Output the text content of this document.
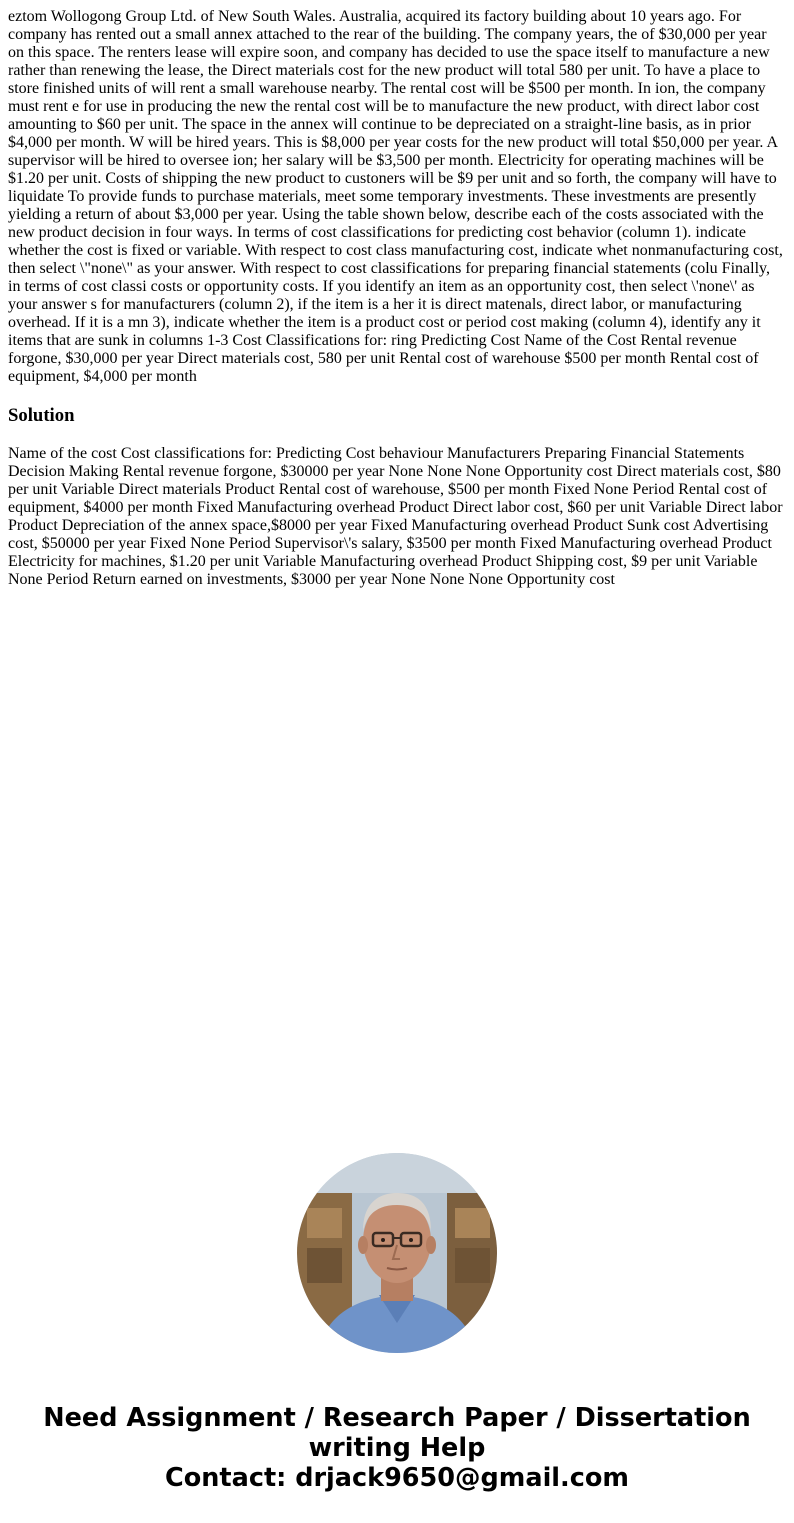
eztom Wollogong Group Ltd. of New South Wales. Australia, acquired its factory building about 10 years ago. For company has rented out a small annex attached to the rear of the building. The company years, the of $30,000 per year on this space. The renters lease will expire soon, and company has decided to use the space itself to manufacture a new rather than renewing the lease, the Direct materials cost for the new product will total 580 per unit. To have a place to store finished units of will rent a small warehouse nearby. The rental cost will be $500 per month. In ion, the company must rent e for use in producing the new the rental cost will be to manufacture the new product, with direct labor cost amounting to $60 per unit. The space in the annex will continue to be depreciated on a straight-line basis, as in prior $4,000 per month. W will be hired years. This is $8,000 per year costs for the new product will total $50,000 per year. A supervisor will be hired to oversee ion; her salary will be $3,500 per month. Electricity for operating machines will be $1.20 per unit. Costs of shipping the new product to custoners will be $9 per unit and so forth, the company will have to liquidate To provide funds to purchase materials, meet some temporary investments. These investments are presently yielding a return of about $3,000 per year. Using the table shown below, describe each of the costs associated with the new product decision in four ways. In terms of cost classifications for predicting cost behavior (column 1). indicate whether the cost is fixed or variable. With respect to cost class manufacturing cost, indicate whet nonmanufacturing cost, then select \"none\" as your answer. With respect to cost classifications for preparing financial statements (colu Finally, in terms of cost classi costs or opportunity costs. If you identify an item as an opportunity cost, then select \'none\' as your answer s for manufacturers (column 2), if the item is a her it is direct matenals, direct labor, or manufacturing overhead. If it is a mn 3), indicate whether the item is a product cost or period cost making (column 4), identify any it items that are sunk in columns 1-3 Cost Classifications for: ring Predicting Cost Name of the Cost Rental revenue forgone, $30,000 per year Direct materials cost, 580 per unit Rental cost of warehouse $500 per month Rental cost of equipment, $4,000 per month

Solution

Name of the cost Cost classifications for: Predicting Cost behaviour Manufacturers Preparing Financial Statements Decision Making Rental revenue forgone, $30000 per year None None None Opportunity cost Direct materials cost, $80 per unit Variable Direct materials Product Rental cost of warehouse, $500 per month Fixed None Period Rental cost of equipment, $4000 per month Fixed Manufacturing overhead Product Direct labor cost, $60 per unit Variable Direct labor Product Depreciation of the annex space,$8000 per year Fixed Manufacturing overhead Product Sunk cost Advertising cost, $50000 per year Fixed None Period Supervisor\'s salary, $3500 per month Fixed Manufacturing overhead Product Electricity for machines, $1.20 per unit Variable Manufacturing overhead Product Shipping cost, $9 per unit Variable None Period Return earned on investments, $3000 per year None None None Opportunity cost

Need Assignment / Research Paper / Dissertation
writing Help
Contact: drjack9650@gmail.com
